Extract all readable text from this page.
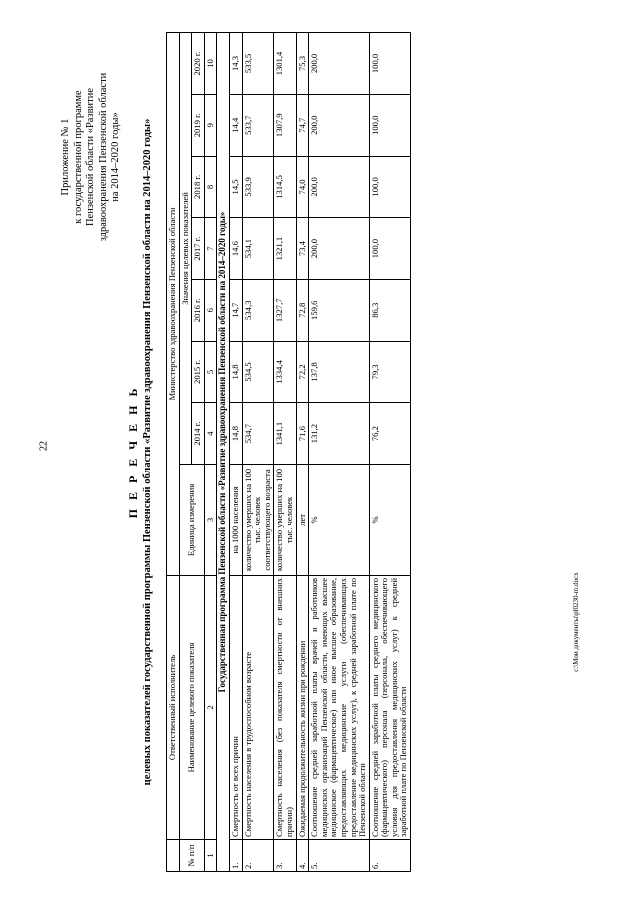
22
c:\Мои документы\pl0230-m.docx
Приложение № 1 к государственной программе Пензенской области «Развитие здравоохранения Пензенской области на 2014–2020 годы»
П Е Р Е Ч Е Н Ь целевых показателей государственной программы Пензенской области «Развитие здравоохранения Пензенской области на 2014–2020 годы»
	Ответственный исполнитель	Министерство здравоохранения Пензенской области							
№ п/п	Наименование целевого показателя	Единица измерения	Значения целевых показателей						
			2014 г.	2015 г.	2016 г.	2017 г.	2018 г.	2019 г.	2020 г.
1	2	3	4	5	6	7	8	9	10
Государственная программа Пензенской области «Развитие здравоохранения Пензенской области на 2014–2020 годы»									
1.	Смертность от всех причин	на 1000 населения	14,8	14,8	14,7	14,6	14,5	14,4	14,3
2.	Смертность населения в трудоспособном возрасте	количество умерших на 100 тыс. человек соответствующего возраста	534,7	534,5	534,3	534,1	533,9	533,7	533,5
3.	Смертность населения (без показателя смертности от внешних причин)	количество умерших на 100 тыс. человек	1341,1	1334,4	1327,7	1321,1	1314,5	1307,9	1301,4
4.	Ожидаемая продолжительность жизни при рождении	лет	71,6	72,2	72,8	73,4	74,0	74,7	75,3
5.	Соотношение средней заработной платы врачей и работников медицинских организаций Пензенской области, имеющих высшее медицинское (фармацевтическое) или иное высшее образование, предоставляющих медицинские услуги (обеспечивающих предоставление медицинских услуг), к средней заработной плате по Пензенской области	%	131,2	137,8	159,6	200,0	200,0	200,0	200,0
6.	Соотношение средней заработной платы среднего медицинского (фармацевтического) персонала (персонала, обеспечивающего условия для предоставления медицинских услуг) к средней заработной плате по Пензенской области	%	76,2	79,3	86,3	100,0	100,0	100,0	100,0
